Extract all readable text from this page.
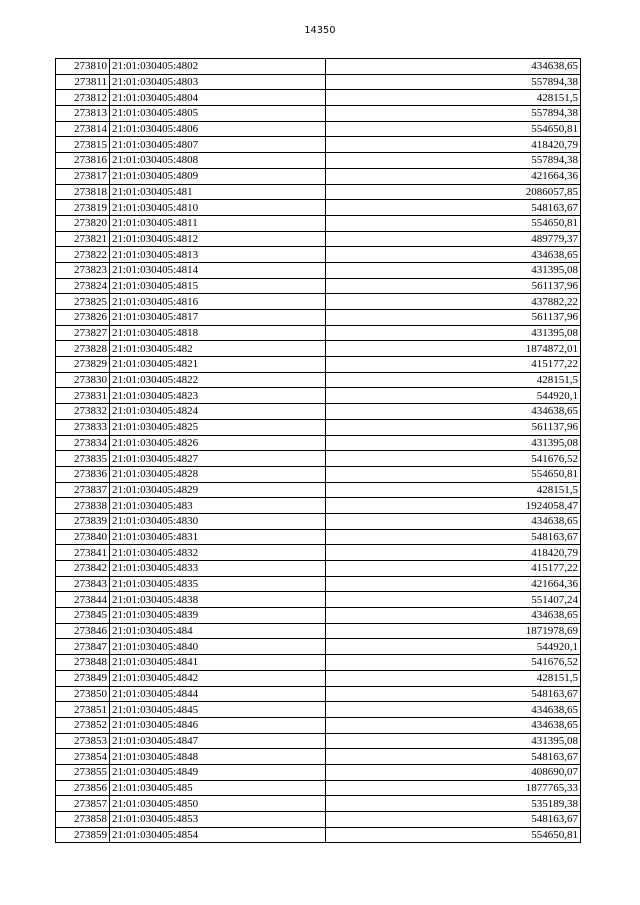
14350
273810	21:01:030405:4802	434638,65
273811	21:01:030405:4803	557894,38
273812	21:01:030405:4804	428151,5
273813	21:01:030405:4805	557894,38
273814	21:01:030405:4806	554650,81
273815	21:01:030405:4807	418420,79
273816	21:01:030405:4808	557894,38
273817	21:01:030405:4809	421664,36
273818	21:01:030405:481	2086057,85
273819	21:01:030405:4810	548163,67
273820	21:01:030405:4811	554650,81
273821	21:01:030405:4812	489779,37
273822	21:01:030405:4813	434638,65
273823	21:01:030405:4814	431395,08
273824	21:01:030405:4815	561137,96
273825	21:01:030405:4816	437882,22
273826	21:01:030405:4817	561137,96
273827	21:01:030405:4818	431395,08
273828	21:01:030405:482	1874872,01
273829	21:01:030405:4821	415177,22
273830	21:01:030405:4822	428151,5
273831	21:01:030405:4823	544920,1
273832	21:01:030405:4824	434638,65
273833	21:01:030405:4825	561137,96
273834	21:01:030405:4826	431395,08
273835	21:01:030405:4827	541676,52
273836	21:01:030405:4828	554650,81
273837	21:01:030405:4829	428151,5
273838	21:01:030405:483	1924058,47
273839	21:01:030405:4830	434638,65
273840	21:01:030405:4831	548163,67
273841	21:01:030405:4832	418420,79
273842	21:01:030405:4833	415177,22
273843	21:01:030405:4835	421664,36
273844	21:01:030405:4838	551407,24
273845	21:01:030405:4839	434638,65
273846	21:01:030405:484	1871978,69
273847	21:01:030405:4840	544920,1
273848	21:01:030405:4841	541676,52
273849	21:01:030405:4842	428151,5
273850	21:01:030405:4844	548163,67
273851	21:01:030405:4845	434638,65
273852	21:01:030405:4846	434638,65
273853	21:01:030405:4847	431395,08
273854	21:01:030405:4848	548163,67
273855	21:01:030405:4849	408690,07
273856	21:01:030405:485	1877765,33
273857	21:01:030405:4850	535189,38
273858	21:01:030405:4853	548163,67
273859	21:01:030405:4854	554650,81
